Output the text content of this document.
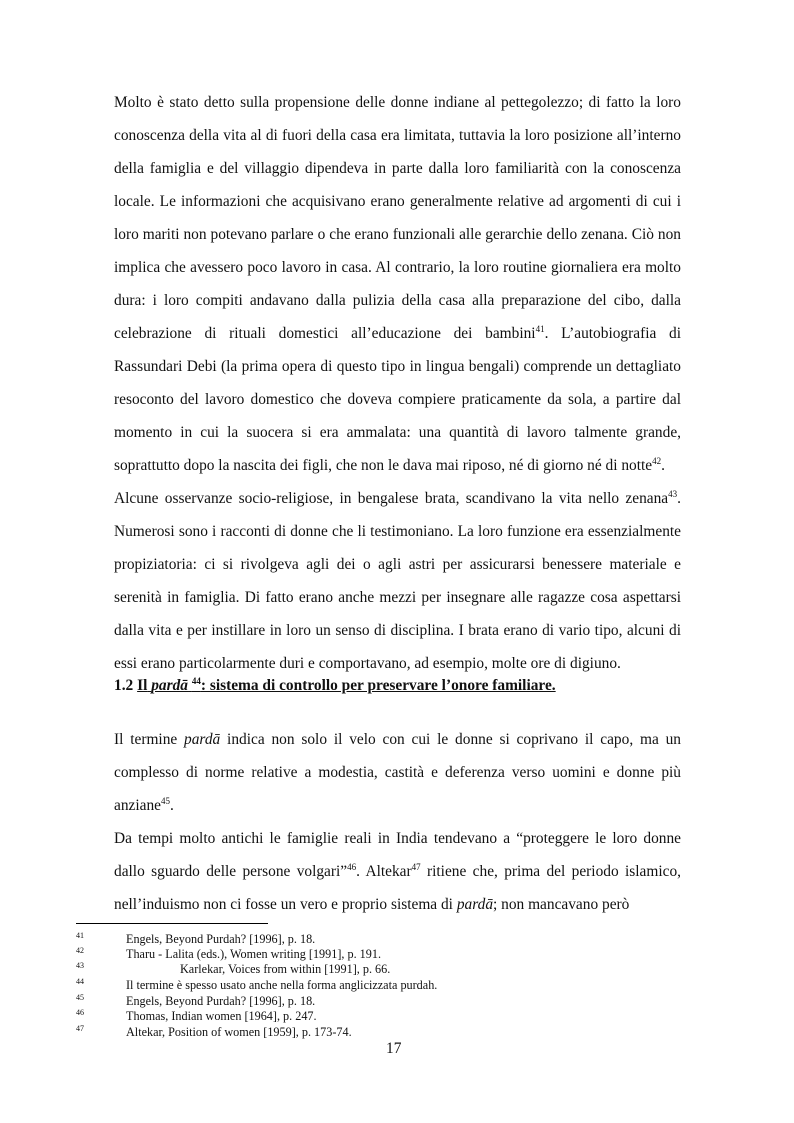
Molto è stato detto sulla propensione delle donne indiane al pettegolezzo; di fatto la loro conoscenza della vita al di fuori della casa era limitata, tuttavia la loro posizione all’interno della famiglia e del villaggio dipendeva in parte dalla loro familiarità con la conoscenza locale. Le informazioni che acquisivano erano generalmente relative ad argomenti di cui i loro mariti non potevano parlare o che erano funzionali alle gerarchie dello zenana. Ciò non implica che avessero poco lavoro in casa. Al contrario, la loro routine giornaliera era molto dura: i loro compiti andavano dalla pulizia della casa alla preparazione del cibo, dalla celebrazione di rituali domestici all’educazione dei bambini$^{41}$. L’autobiografia di Rassundari Debi (la prima opera di questo tipo in lingua bengali) comprende un dettagliato resoconto del lavoro domestico che doveva compiere praticamente da sola, a partire dal momento in cui la suocera si era ammalata: una quantità di lavoro talmente grande, soprattutto dopo la nascita dei figli, che non le dava mai riposo, né di giorno né di notte$^{42}$.

Alcune osservanze socio-religiose, in bengalese brata, scandivano la vita nello zenana$^{43}$. Numerosi sono i racconti di donne che li testimoniano. La loro funzione era essenzialmente propiziatoria: ci si rivolgeva agli dei o agli astri per assicurarsi benessere materiale e serenità in famiglia. Di fatto erano anche mezzi per insegnare alle ragazze cosa aspettarsi dalla vita e per instillare in loro un senso di disciplina. I brata erano di vario tipo, alcuni di essi erano particolarmente duri e comportavano, ad esempio, molte ore di digiuno.

1.2 Il pardā $^{44}$: sistema di controllo per preservare l’onore familiare.

Il termine pardā indica non solo il velo con cui le donne si coprivano il capo, ma un complesso di norme relative a modestia, castità e deferenza verso uomini e donne più anziane$^{45}$.

Da tempi molto antichi le famiglie reali in India tendevano a “proteggere le loro donne dallo sguardo delle persone volgari”$^{46}$. Altekar$^{47}$ ritiene che, prima del periodo islamico, nell’induismo non ci fosse un vero e proprio sistema di pardā; non mancavano però

41	Engels, Beyond Purdah? [1996], p. 18.
42	Tharu - Lalita (eds.), Women writing [1991], p. 191.
43	Karlekar, Voices from within [1991], p. 66.
44	Il termine è spesso usato anche nella forma anglicizzata purdah.
45	Engels, Beyond Purdah? [1996], p. 18.
46	Thomas, Indian women [1964], p. 247.
47	Altekar, Position of women [1959], p. 173-74.
17
